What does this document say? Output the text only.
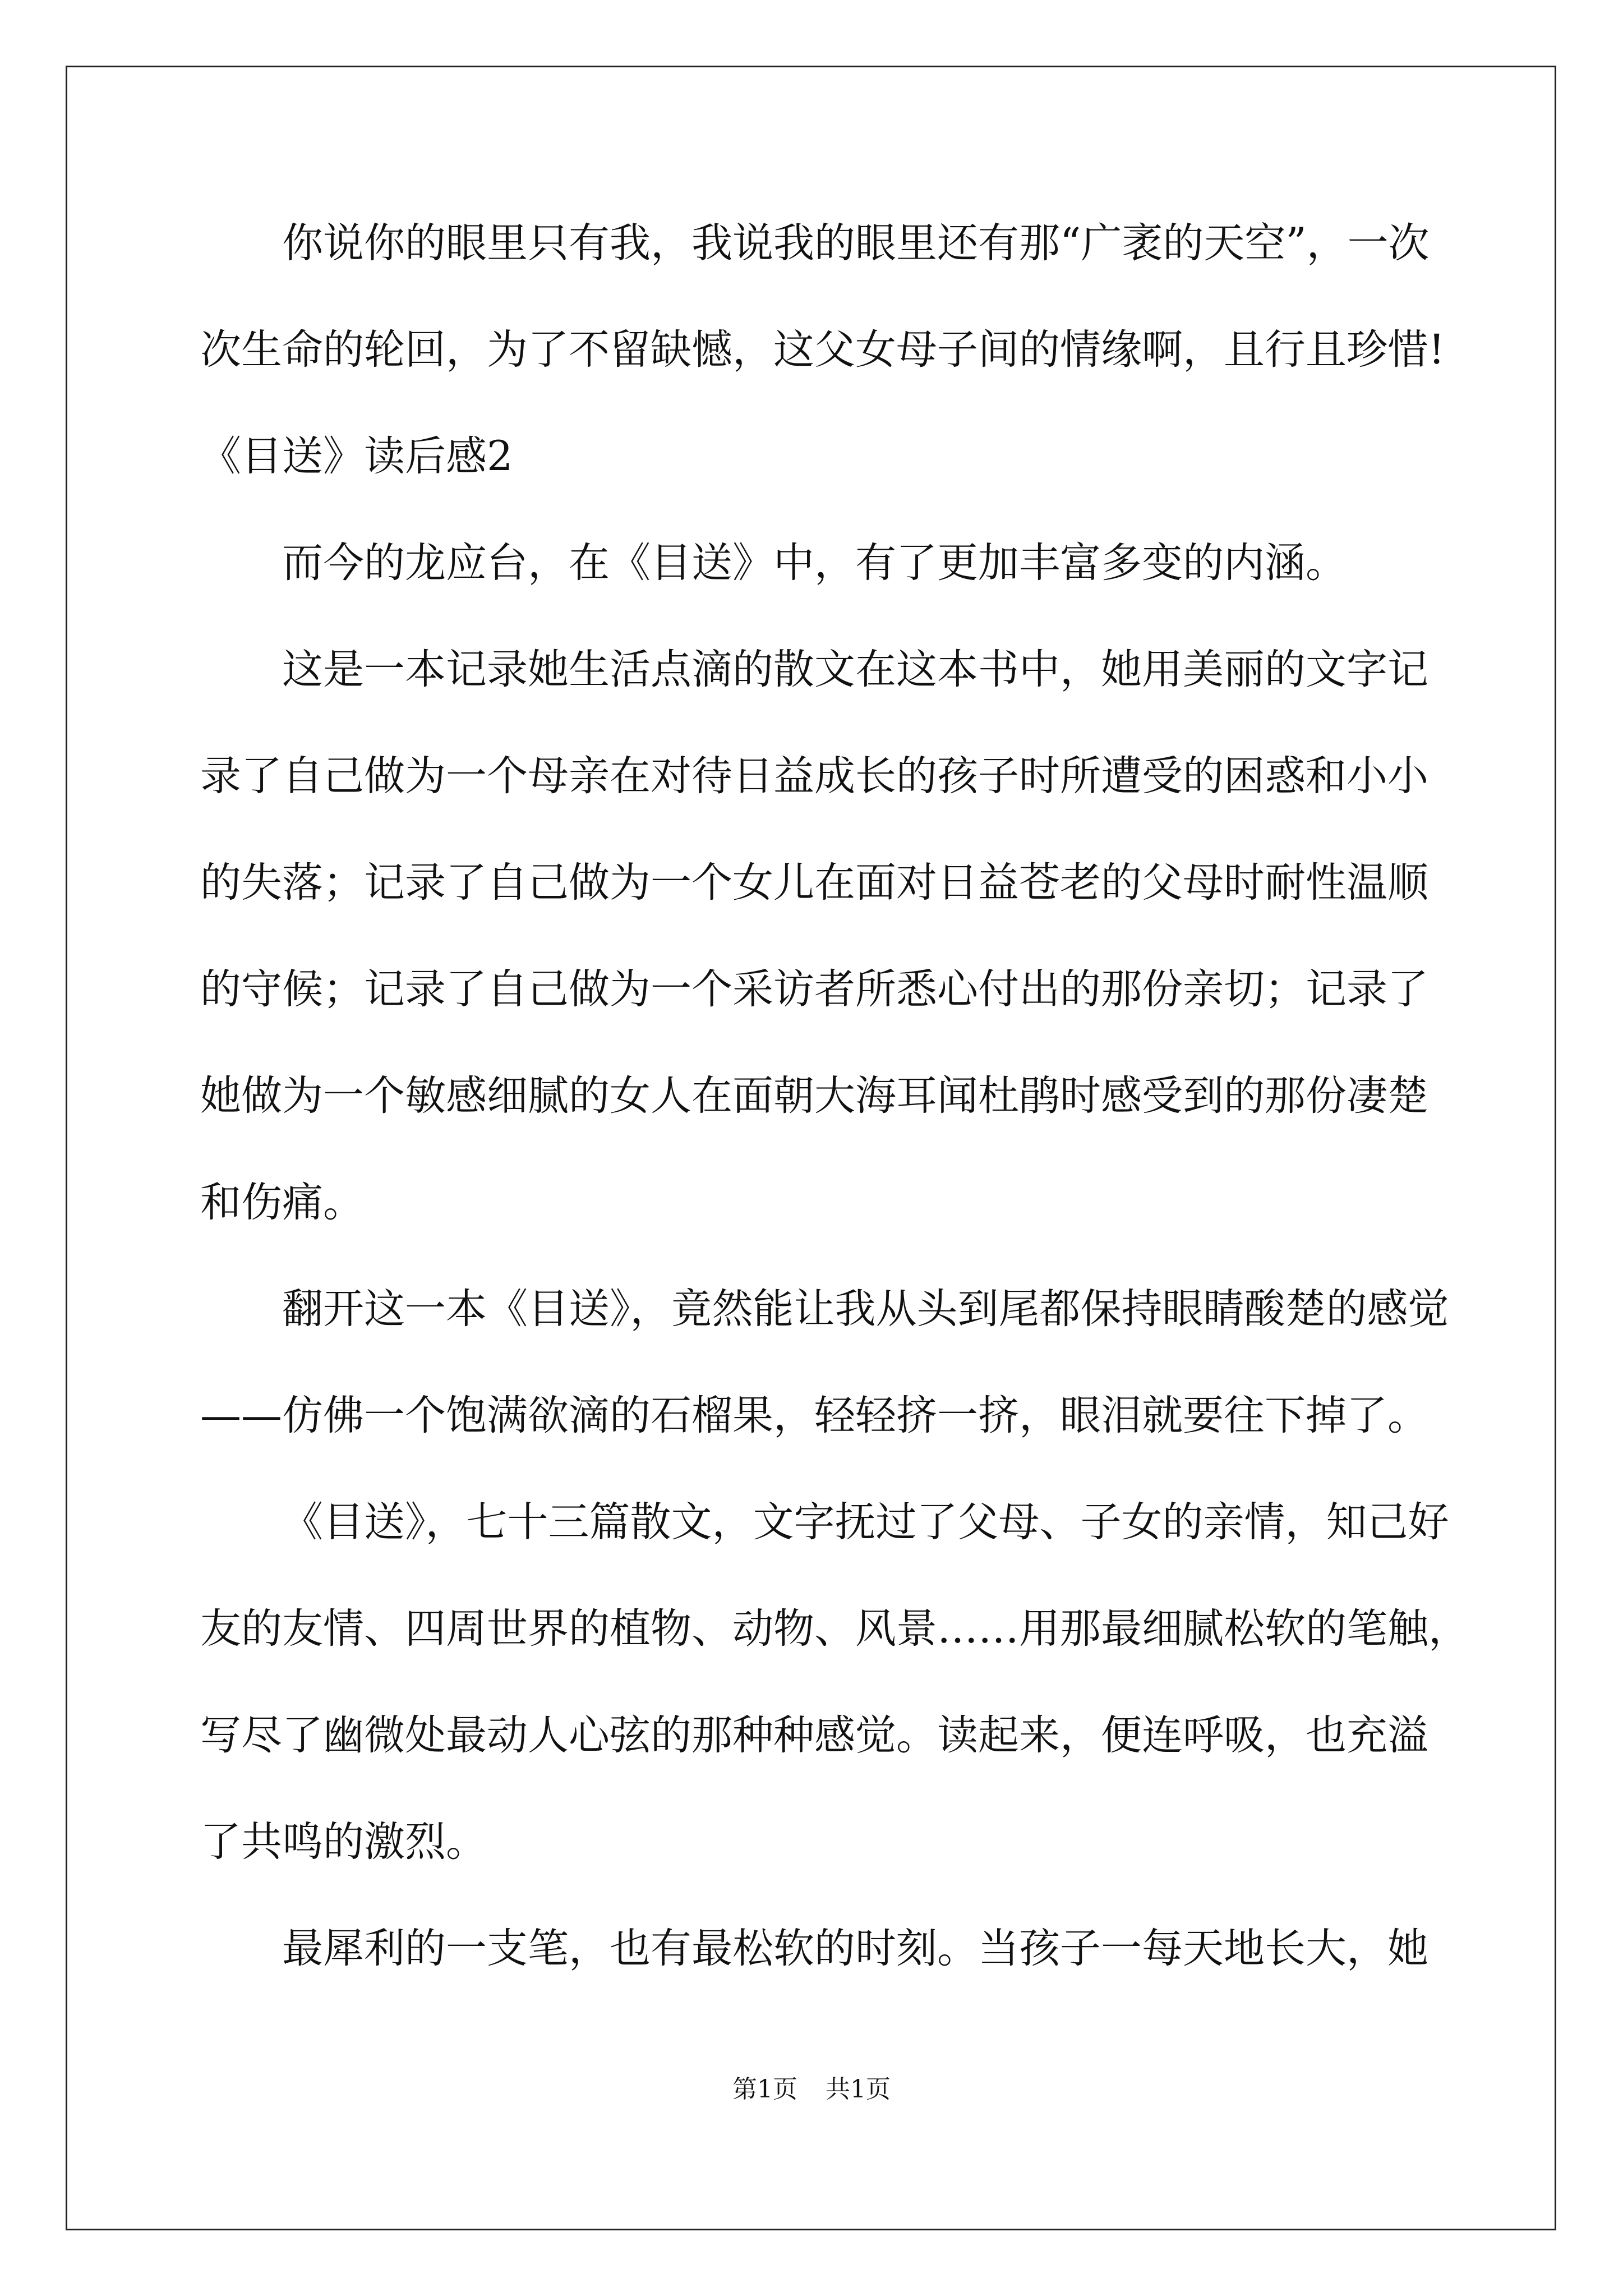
你说你的眼里只有我，我说我的眼里还有那“广袤的天空”，一次
次生命的轮回，为了不留缺憾，这父女母子间的情缘啊，且行且珍惜!
《目送》读后感2
而今的龙应台，在《目送》中，有了更加丰富多变的内涵。
这是一本记录她生活点滴的散文在这本书中，她用美丽的文字记
录了自己做为一个母亲在对待日益成长的孩子时所遭受的困惑和小小
的失落；记录了自己做为一个女儿在面对日益苍老的父母时耐性温顺
的守候；记录了自己做为一个采访者所悉心付出的那份亲切；记录了
她做为一个敏感细腻的女人在面朝大海耳闻杜鹃时感受到的那份凄楚
和伤痛。
翻开这一本《目送》，竟然能让我从头到尾都保持眼睛酸楚的感觉
——仿佛一个饱满欲滴的石榴果，轻轻挤一挤，眼泪就要往下掉了。
《目送》，七十三篇散文，文字抚过了父母、子女的亲情，知己好
友的友情、四周世界的植物、动物、风景……用那最细腻松软的笔触，
写尽了幽微处最动人心弦的那种种感觉。读起来，便连呼吸，也充溢
了共鸣的激烈。
最犀利的一支笔，也有最松软的时刻。当孩子一每天地长大，她
第1页 共1页
